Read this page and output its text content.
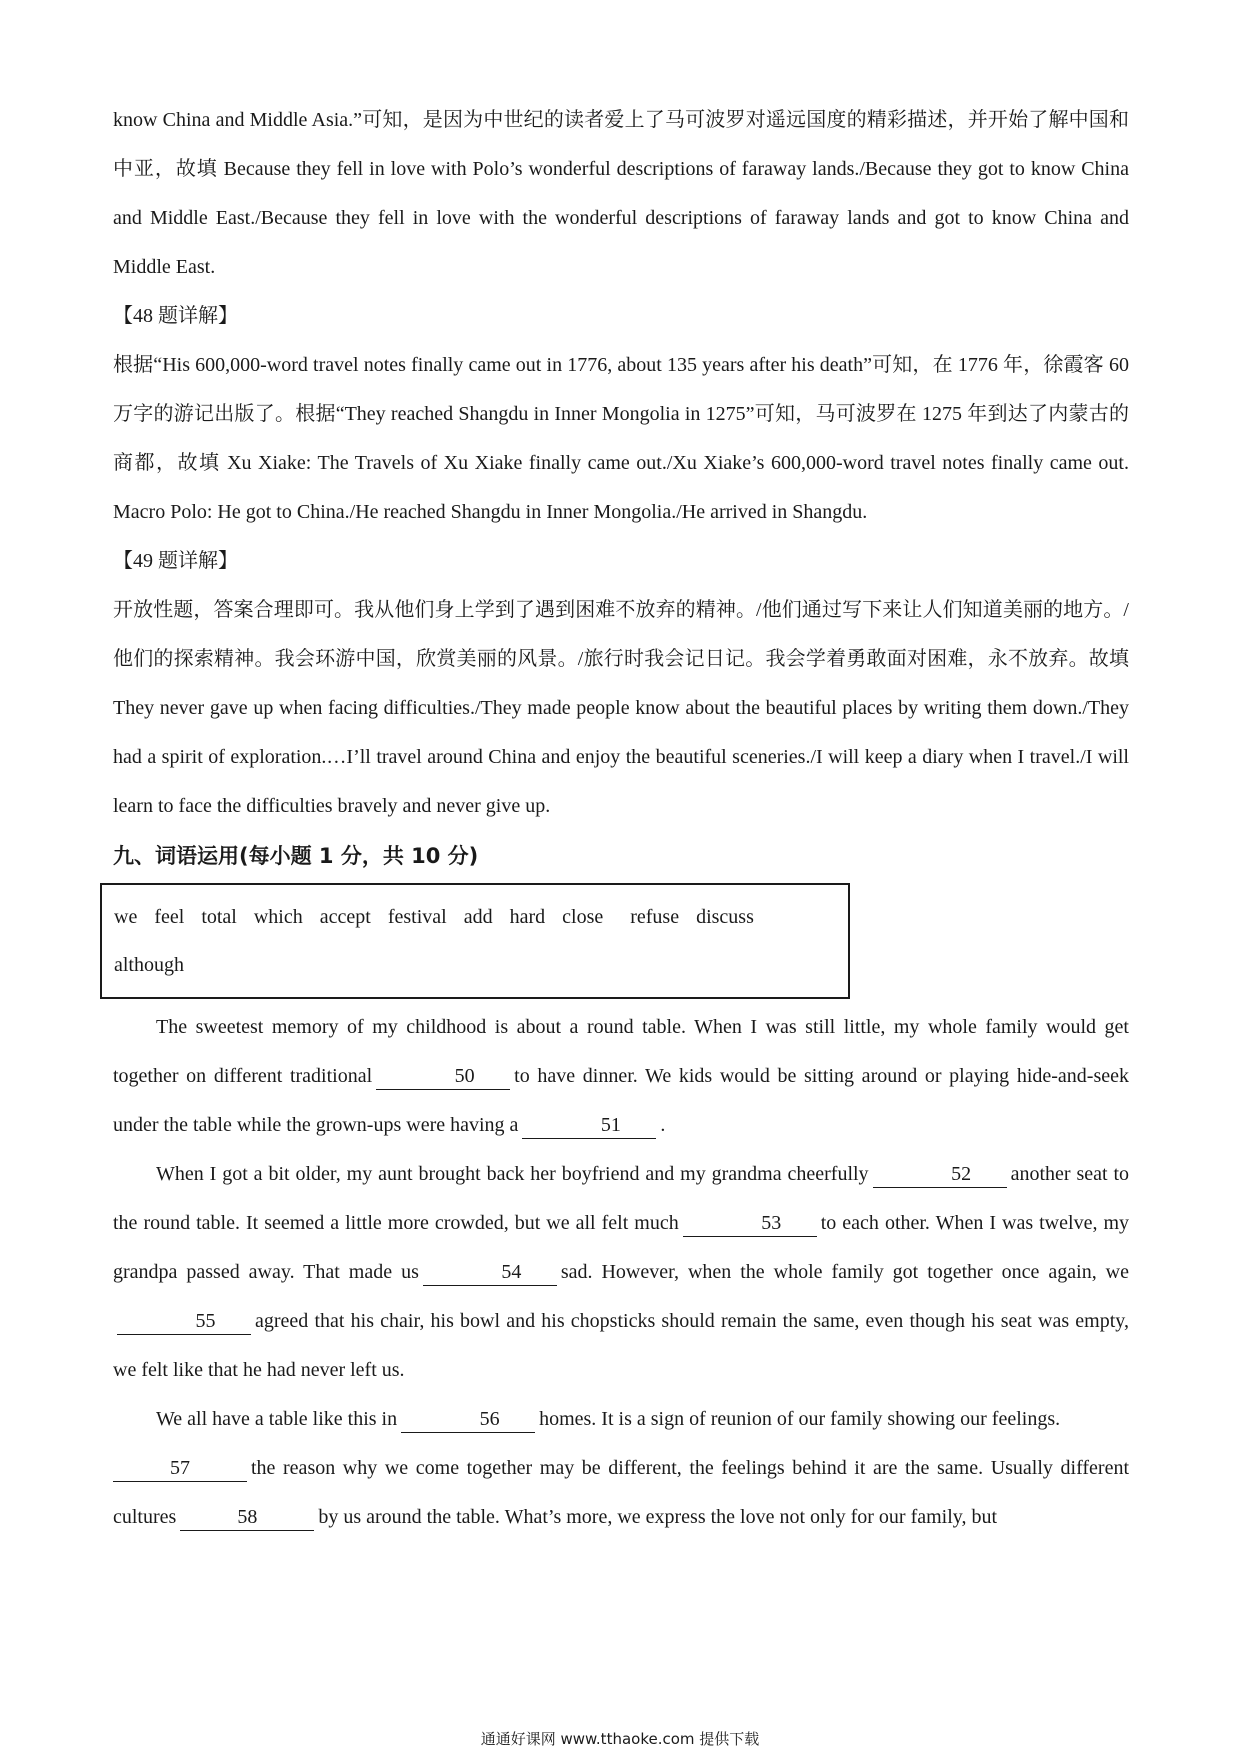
know China and Middle Asia.”可知，是因为中世纪的读者爱上了马可波罗对遥远国度的精彩描述，并开始了解中国和中亚，故填 Because they fell in love with Polo’s wonderful descriptions of faraway lands./Because they got to know China and Middle East./Because they fell in love with the wonderful descriptions of faraway lands and got to know China and Middle East.

【48 题详解】

根据“His 600,000-word travel notes finally came out in 1776, about 135 years after his death”可知，在 1776 年，徐霞客 60 万字的游记出版了。根据“They reached Shangdu in Inner Mongolia in 1275”可知，马可波罗在 1275 年到达了内蒙古的商都，故填 Xu Xiake: The Travels of Xu Xiake finally came out./Xu Xiake’s 600,000-word travel notes finally came out. Macro Polo: He got to China./He reached Shangdu in Inner Mongolia./He arrived in Shangdu.

【49 题详解】

开放性题，答案合理即可。我从他们身上学到了遇到困难不放弃的精神。/他们通过写下来让人们知道美丽的地方。/他们的探索精神。我会环游中国，欣赏美丽的风景。/旅行时我会记日记。我会学着勇敢面对困难，永不放弃。故填 They never gave up when facing difficulties./They made people know about the beautiful places by writing them down./They had a spirit of exploration.…I’ll travel around China and enjoy the beautiful sceneries./I will keep a diary when I travel./I will learn to face the difficulties bravely and never give up.

九、词语运用(每小题 1 分，共 10 分)
we feel total which accept festival add hard close refuse discuss
although

The sweetest memory of my childhood is about a round table. When I was still little, my whole family would get together on different traditional	50 to have dinner. We kids would be sitting around or playing hide-and-seek under the table while the grown-ups were having a	51 .

When I got a bit older, my aunt brought back her boyfriend and my grandma cheerfully	52 another seat to the round table. It seemed a little more crowded, but we all felt much	53 to each other. When I was twelve, my grandpa passed away. That made us	54 sad. However, when the whole family got together once again, we55 agreed that his chair, his bowl and his chopsticks should remain the same, even though his seat was empty, we felt like that he had never left us.

We all have a table like this in	56 homes. It is a sign of reunion of our family showing our feelings.

57	the reason why we come together may be different, the feelings behind it are the same. Usually different cultures	58	by us around the table. What’s more, we express the love not only for our family, but

通通好课网 www.tthaoke.com 提供下载
